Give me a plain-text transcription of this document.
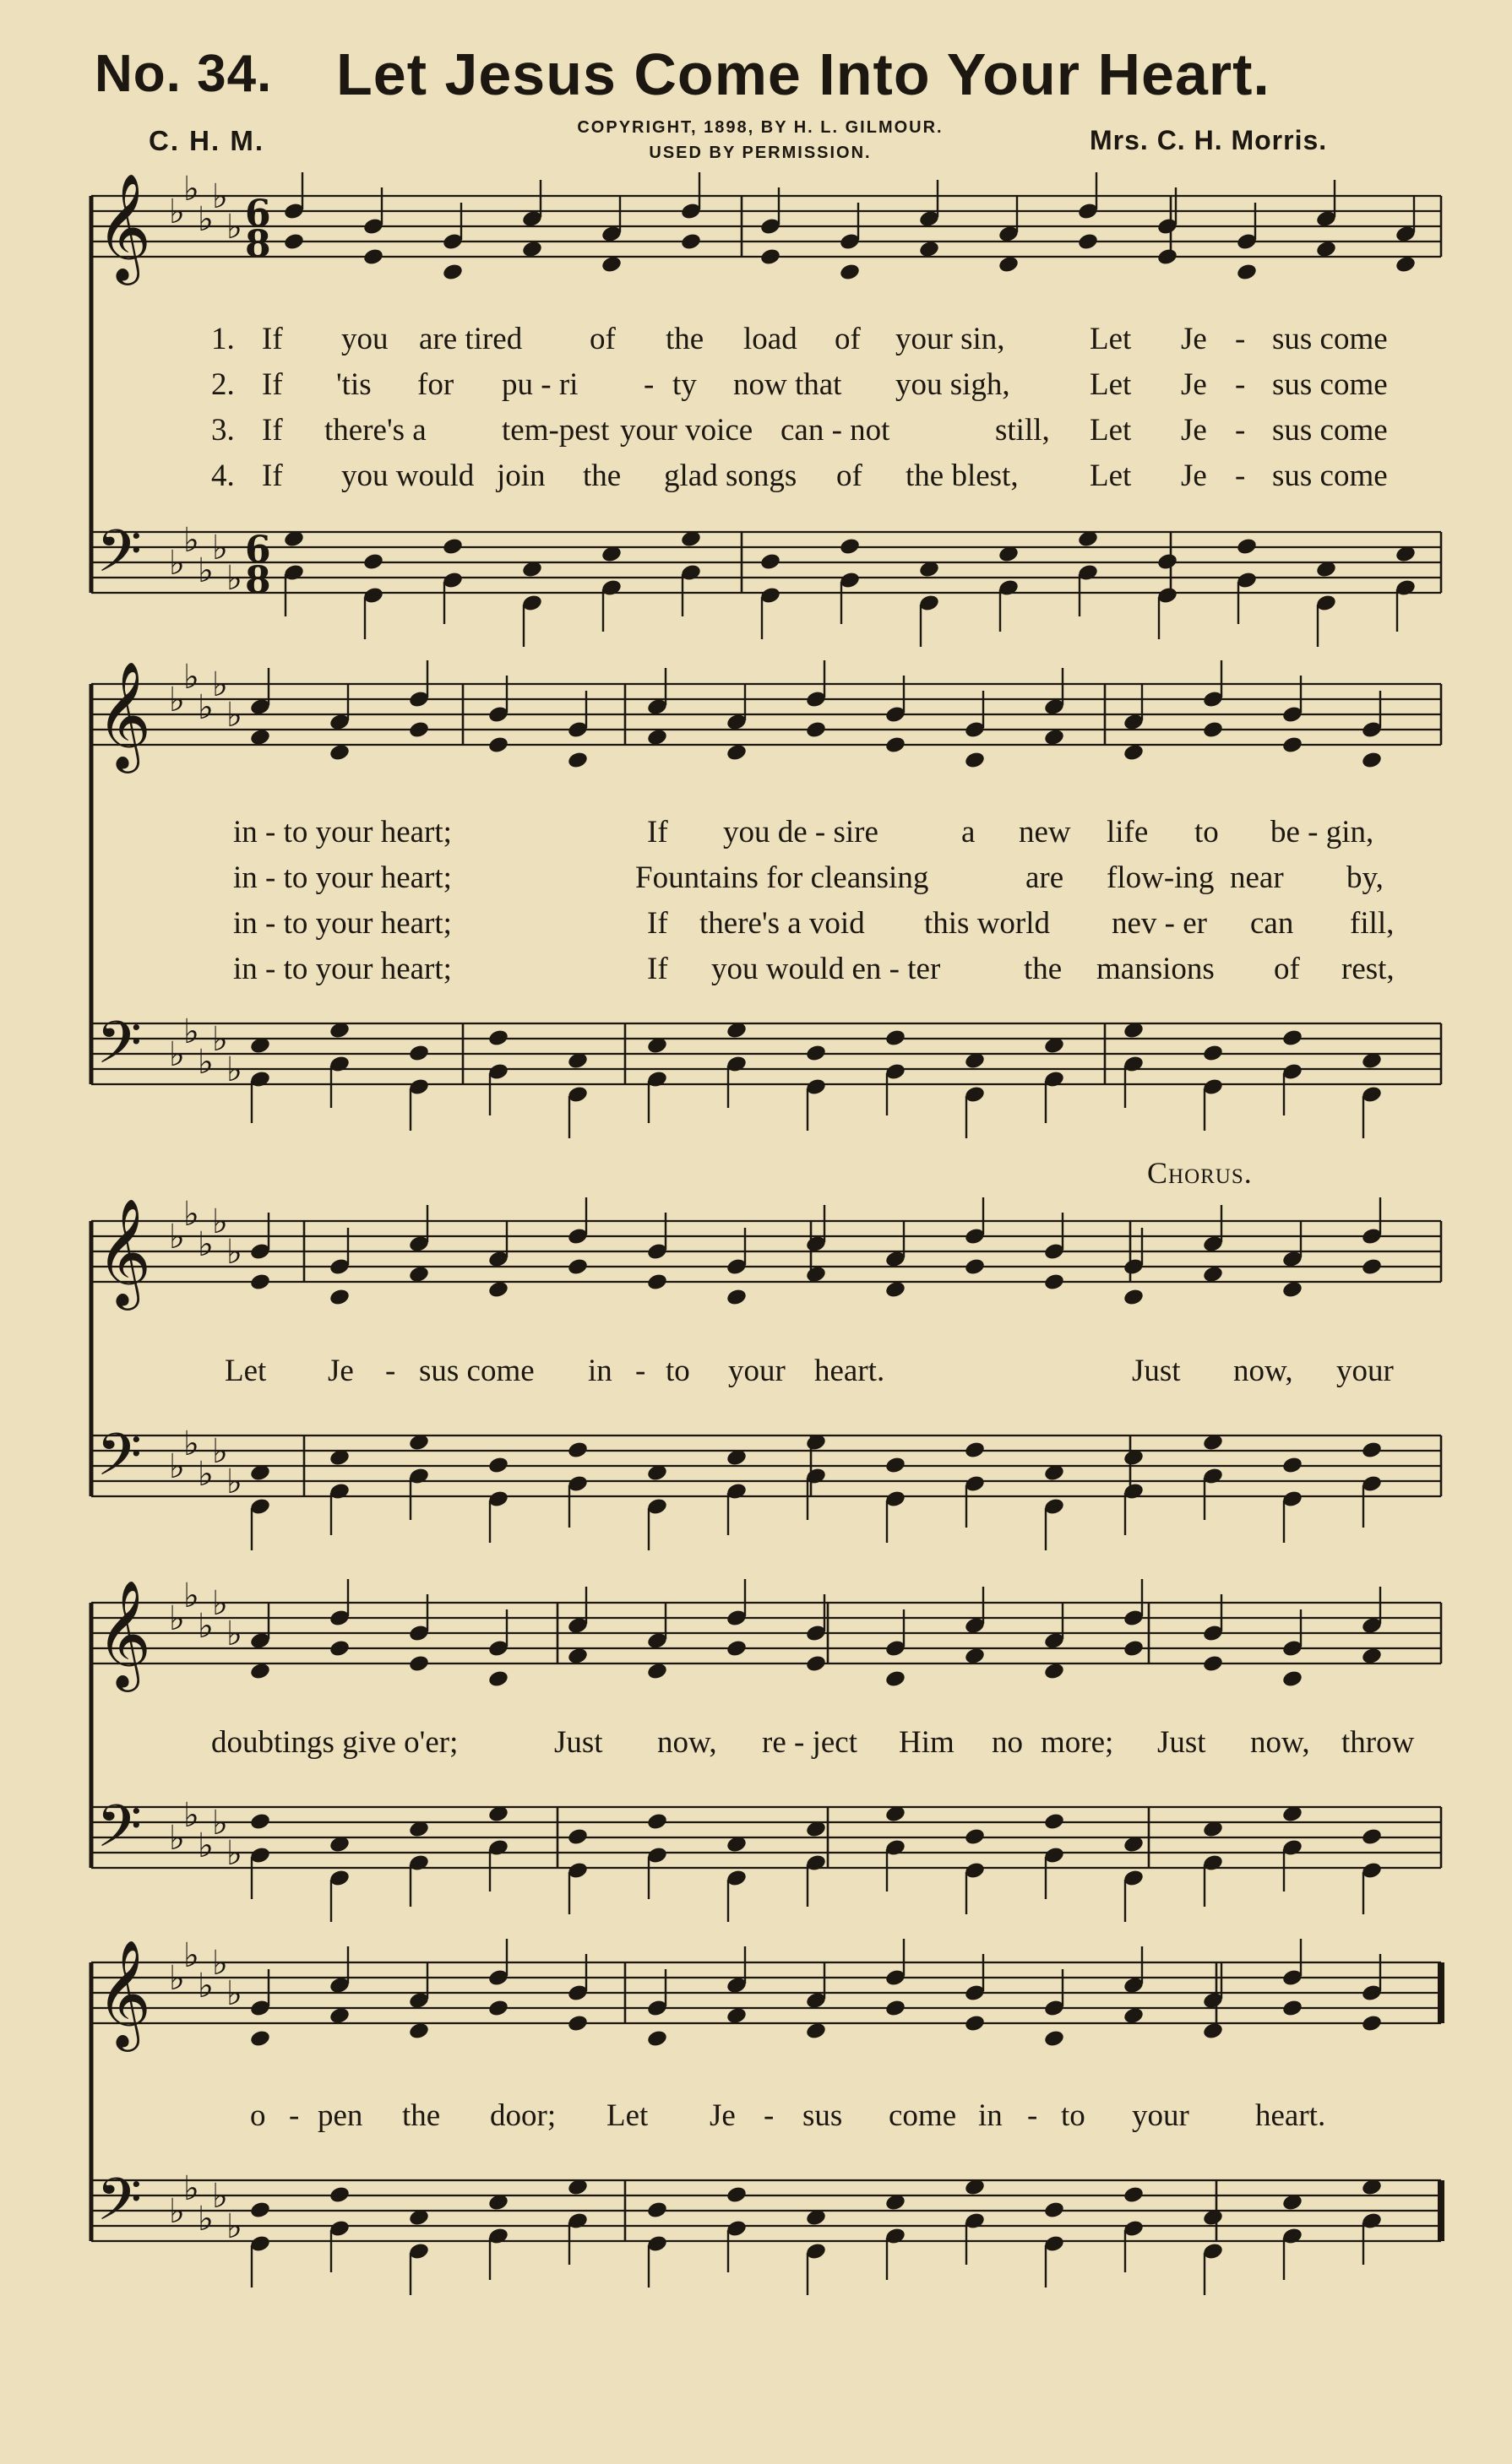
No. 34. Let Jesus Come Into Your Heart.
C. H. M.	COPYRIGHT, 1898, BY H. L. GILMOUR.
USED BY PERMISSION.	Mrs. C. H. Morris.
𝄞 ♭
♭
♭
♭
♭ 6
8
𝄢 ♭
♭
♭
♭
♭
6
8
𝄞 ♭
♭
♭
♭
♭
𝄢 ♭
♭
♭
♭
♭
𝄞 ♭
♭
♭
♭
♭
𝄢 ♭
♭
♭
♭
♭
𝄞 ♭
♭
♭
♭
♭
𝄢 ♭
♭
♭
♭
♭
𝄞 ♭
♭
♭
♭
♭
𝄢 ♭
♭
♭
♭
♭
1. If you are tired of the load of your sin,	Let Je - sus come
2. If 'tis for pu - ri - ty now that you sigh,	Let Je - sus come
3. If there's a tem-pest your voice can - not	still, Let Je - sus come
4. If you would join the glad songs of the blest, Let Je - sus come
in - to your heart;	If you de - sire	a new life to be - gin,
in - to your heart;	Fountains for cleansing	are flow-ing near by,
in - to your heart;	If there's a void this world nev - er can fill,
in - to your heart;	If you would en - ter	the mansions of rest,
Chorus.
Let Je - sus come in - to your heart.	Just now, your
doubtings give o'er;	Just now, re - ject Him no more; Just now, throw
o - pen the door; Let Je - sus come in - to your heart.
